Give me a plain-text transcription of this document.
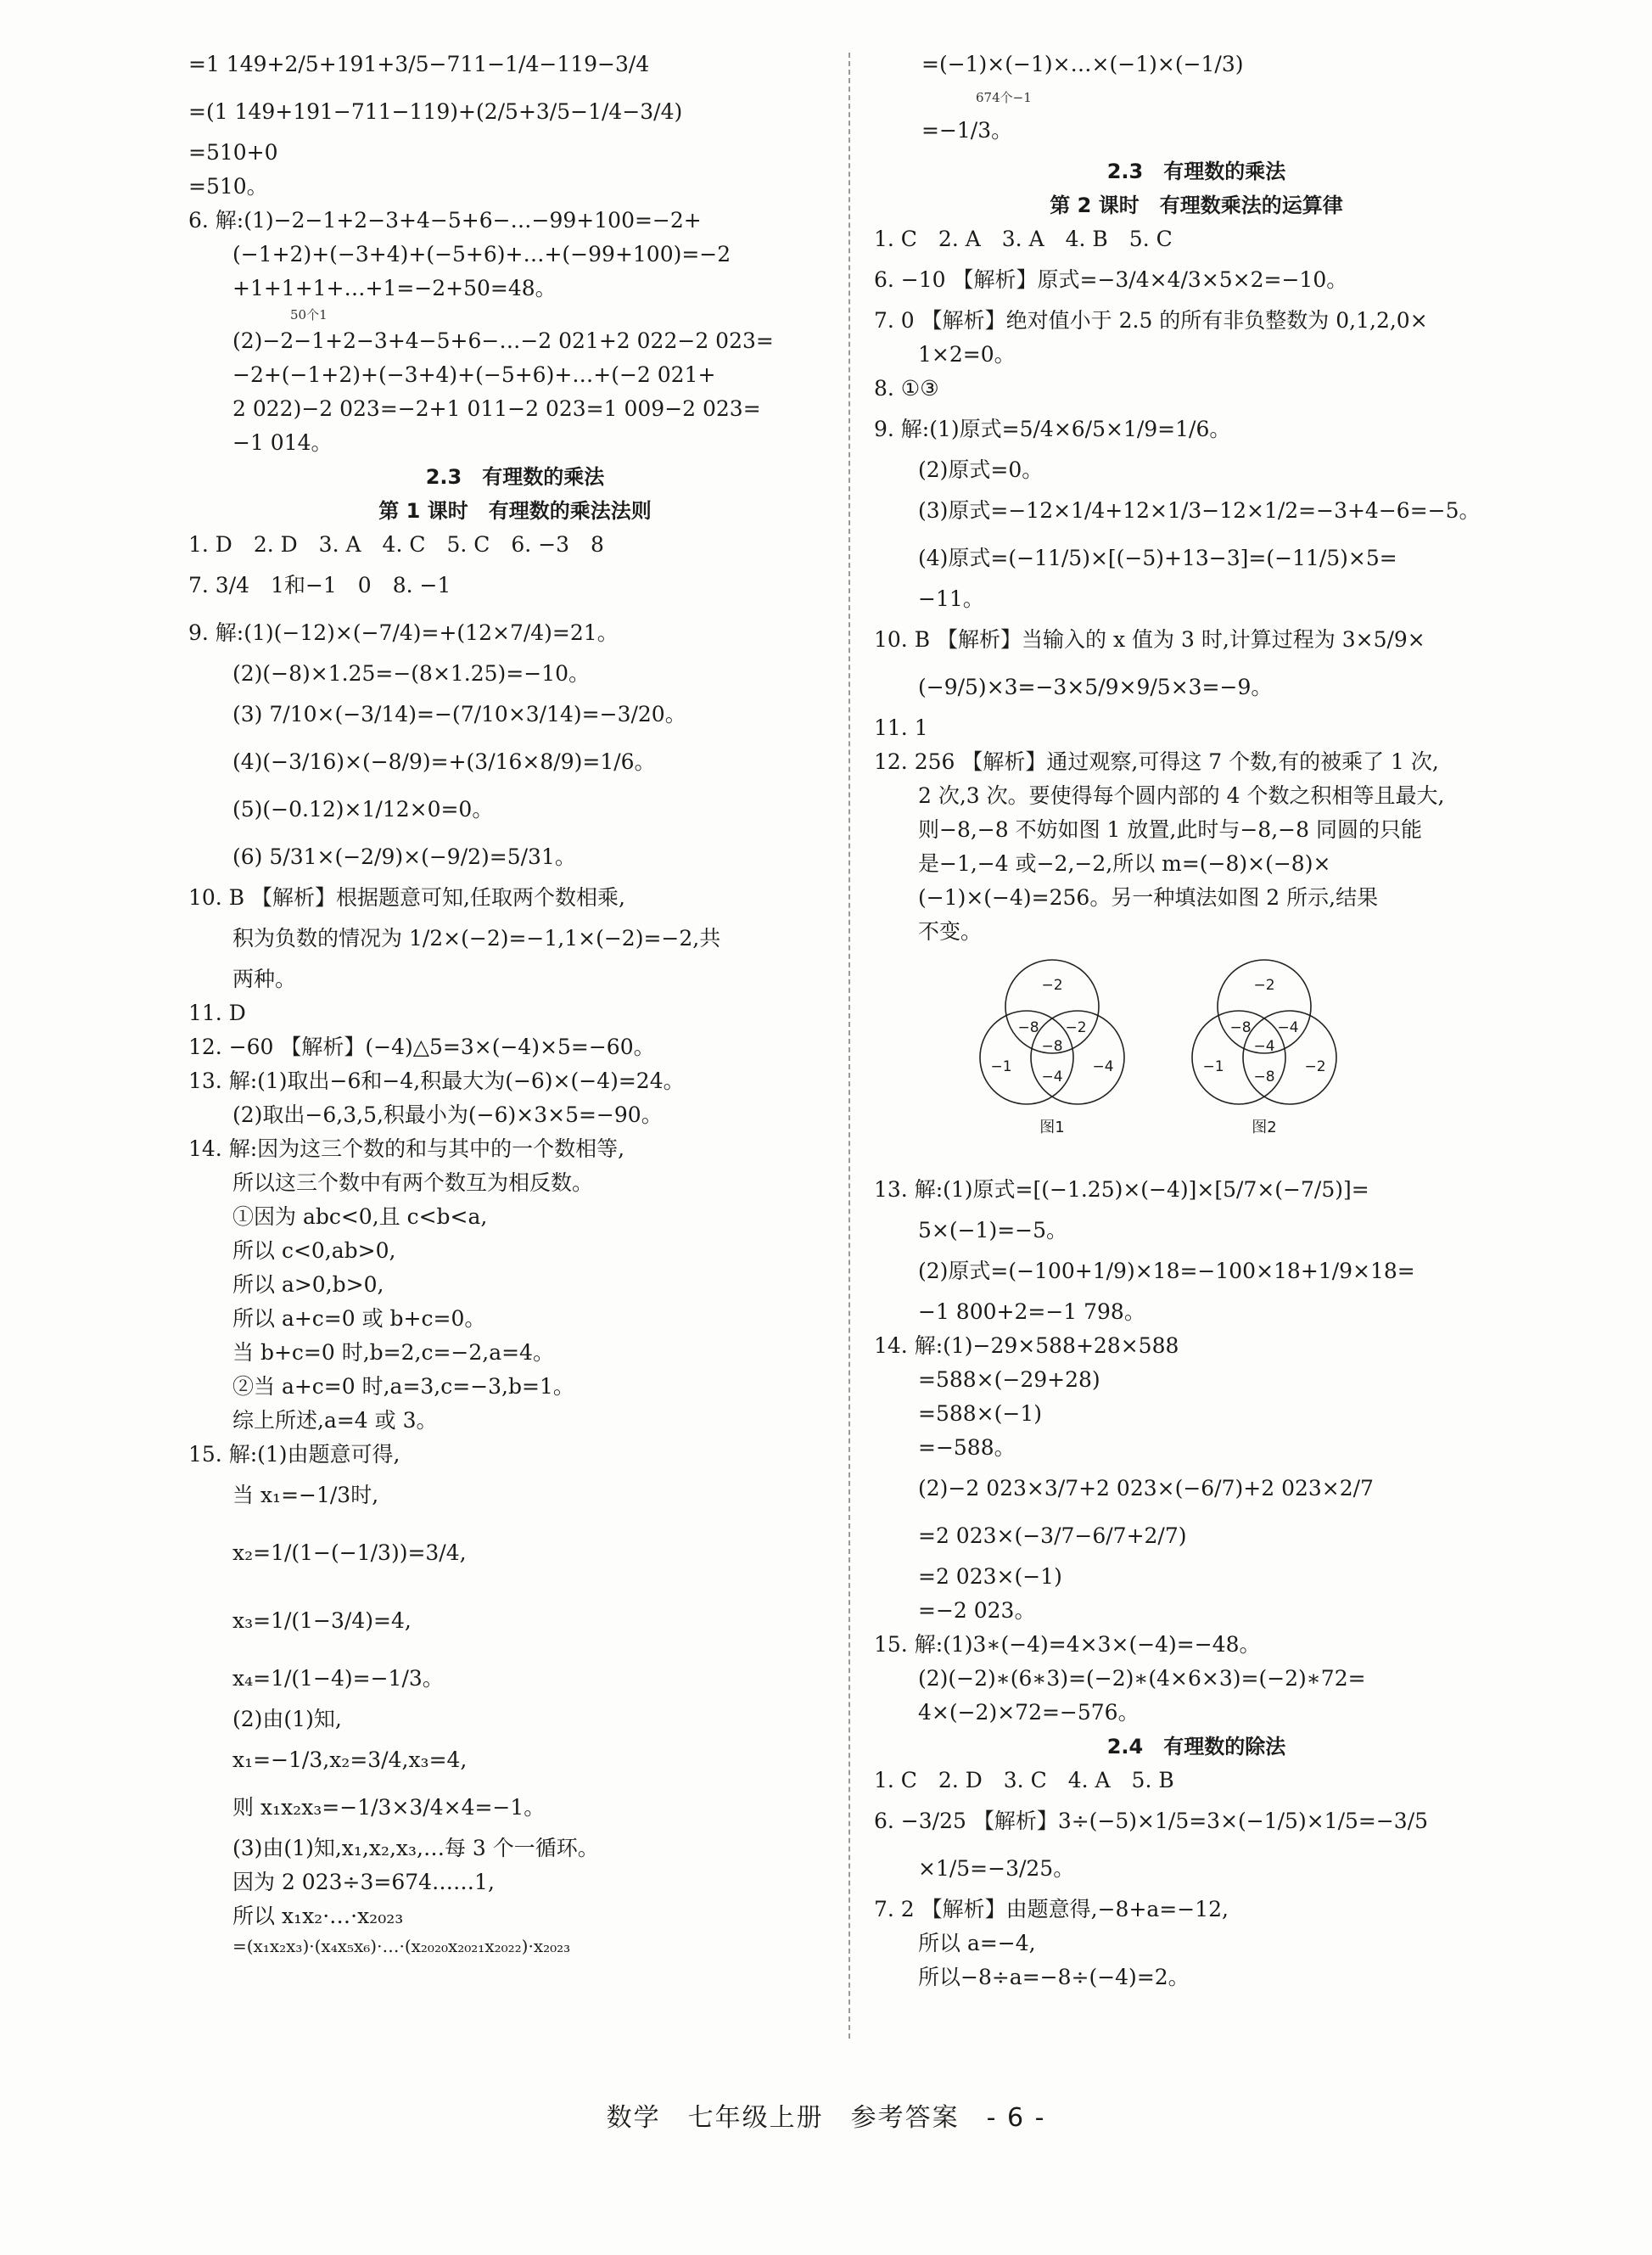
=1 149+2/5+191+3/5−711−1/4−119−3/4
=(1 149+191−711−119)+(2/5+3/5−1/4−3/4)
=510+0
=510。
6. 解:(1)−2−1+2−3+4−5+6−…−99+100=−2+
(−1+2)+(−3+4)+(−5+6)+…+(−99+100)=−2
+1+1+1+…+1=−2+50=48。
50个1
(2)−2−1+2−3+4−5+6−…−2 021+2 022−2 023=
−2+(−1+2)+(−3+4)+(−5+6)+…+(−2 021+
2 022)−2 023=−2+1 011−2 023=1 009−2 023=
−1 014。
2.3　有理数的乘法
第 1 课时　有理数的乘法法则
1. D　2. D　3. A　4. C　5. C　6. −3　8
7. 3/4　1和−1　0　8. −1
9. 解:(1)(−12)×(−7/4)=+(12×7/4)=21。
(2)(−8)×1.25=−(8×1.25)=−10。
(3) 7/10×(−3/14)=−(7/10×3/14)=−3/20。
(4)(−3/16)×(−8/9)=+(3/16×8/9)=1/6。
(5)(−0.12)×1/12×0=0。
(6) 5/31×(−2/9)×(−9/2)=5/31。
10. B 【解析】根据题意可知,任取两个数相乘,
积为负数的情况为 1/2×(−2)=−1,1×(−2)=−2,共
两种。
11. D
12. −60 【解析】(−4)△5=3×(−4)×5=−60。
13. 解:(1)取出−6和−4,积最大为(−6)×(−4)=24。
(2)取出−6,3,5,积最小为(−6)×3×5=−90。
14. 解:因为这三个数的和与其中的一个数相等,
所以这三个数中有两个数互为相反数。
①因为 abc<0,且 c<b<a,
所以 c<0,ab>0,
所以 a>0,b>0,
所以 a+c=0 或 b+c=0。
当 b+c=0 时,b=2,c=−2,a=4。
②当 a+c=0 时,a=3,c=−3,b=1。
综上所述,a=4 或 3。
15. 解:(1)由题意可得,
当 x₁=−1/3时,
x₂=1/(1−(−1/3))=3/4,
x₃=1/(1−3/4)=4,
x₄=1/(1−4)=−1/3。
(2)由(1)知,
x₁=−1/3,x₂=3/4,x₃=4,
则 x₁x₂x₃=−1/3×3/4×4=−1。
(3)由(1)知,x₁,x₂,x₃,…每 3 个一循环。
因为 2 023÷3=674……1,
所以 x₁x₂·…·x₂₀₂₃
=(x₁x₂x₃)·(x₄x₅x₆)·…·(x₂₀₂₀x₂₀₂₁x₂₀₂₂)·x₂₀₂₃
=(−1)×(−1)×…×(−1)×(−1/3)
674个−1
=−1/3。
2.3　有理数的乘法
第 2 课时　有理数乘法的运算律
1. C　2. A　3. A　4. B　5. C
6. −10 【解析】原式=−3/4×4/3×5×2=−10。
7. 0 【解析】绝对值小于 2.5 的所有非负整数为 0,1,2,0×
1×2=0。
8. ①③
9. 解:(1)原式=5/4×6/5×1/9=1/6。
(2)原式=0。
(3)原式=−12×1/4+12×1/3−12×1/2=−3+4−6=−5。
(4)原式=(−11/5)×[(−5)+13−3]=(−11/5)×5=
−11。
10. B 【解析】当输入的 x 值为 3 时,计算过程为 3×5/9×
(−9/5)×3=−3×5/9×9/5×3=−9。
11. 1
12. 256 【解析】通过观察,可得这 7 个数,有的被乘了 1 次,
2 次,3 次。要使得每个圆内部的 4 个数之积相等且最大,
则−8,−8 不妨如图 1 放置,此时与−8,−8 同圆的只能
是−1,−4 或−2,−2,所以 m=(−8)×(−8)×
(−1)×(−4)=256。另一种填法如图 2 所示,结果
不变。
−2
−8 −2
−8
−1
−4
−4
图1
−2
−8 −4
−4
−1
−8
−2
图2
13. 解:(1)原式=[(−1.25)×(−4)]×[5/7×(−7/5)]=
5×(−1)=−5。
(2)原式=(−100+1/9)×18=−100×18+1/9×18=
−1 800+2=−1 798。
14. 解:(1)−29×588+28×588
=588×(−29+28)
=588×(−1)
=−588。
(2)−2 023×3/7+2 023×(−6/7)+2 023×2/7
=2 023×(−3/7−6/7+2/7)
=2 023×(−1)
=−2 023。
15. 解:(1)3∗(−4)=4×3×(−4)=−48。
(2)(−2)∗(6∗3)=(−2)∗(4×6×3)=(−2)∗72=
4×(−2)×72=−576。
2.4　有理数的除法
1. C　2. D　3. C　4. A　5. B
6. −3/25 【解析】3÷(−5)×1/5=3×(−1/5)×1/5=−3/5
×1/5=−3/25。
7. 2 【解析】由题意得,−8+a=−12,
所以 a=−4,
所以−8÷a=−8÷(−4)=2。
数学　七年级上册　参考答案　- 6 -
